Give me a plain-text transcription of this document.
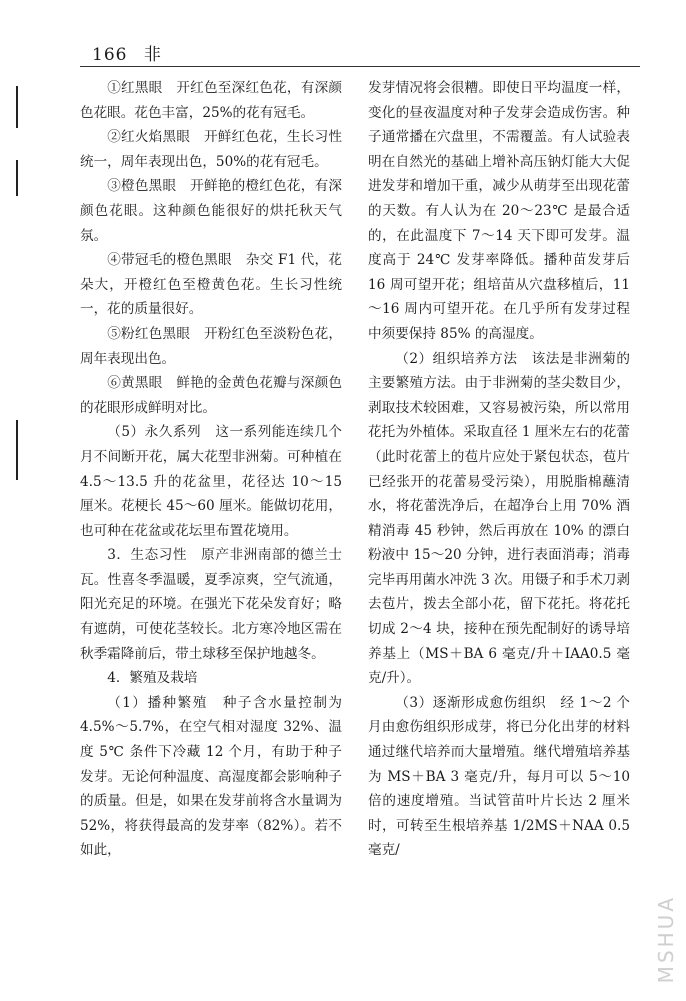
166 非

①红黑眼　开红色至深红色花，有深颜色花眼。花色丰富，25%的花有冠毛。

②红火焰黑眼　开鲜红色花，生长习性统一，周年表现出色，50%的花有冠毛。

③橙色黑眼　开鲜艳的橙红色花，有深颜色花眼。这种颜色能很好的烘托秋天气氛。

④带冠毛的橙色黑眼　杂交 F1 代，花朵大，开橙红色至橙黄色花。生长习性统一，花的质量很好。

⑤粉红色黑眼　开粉红色至淡粉色花，周年表现出色。

⑥黄黑眼　鲜艳的金黄色花瓣与深颜色的花眼形成鲜明对比。

（5）永久系列　这一系列能连续几个月不间断开花，属大花型非洲菊。可种植在 4.5～13.5 升的花盆里，花径达 10～15 厘米。花梗长 45～60 厘米。能做切花用，也可种在花盆或花坛里布置花境用。

3．生态习性　原产非洲南部的德兰士瓦。性喜冬季温暖，夏季凉爽，空气流通，阳光充足的环境。在强光下花朵发育好；略有遮荫，可使花茎较长。北方寒冷地区需在秋季霜降前后，带土球移至保护地越冬。

4．繁殖及栽培

（1）播种繁殖　种子含水量控制为 4.5%～5.7%，在空气相对湿度 32%、温度 5℃ 条件下冷藏 12 个月，有助于种子发芽。无论何种温度、高湿度都会影响种子的质量。但是，如果在发芽前将含水量调为 52%，将获得最高的发芽率（82%）。若不如此，

发芽情况将会很糟。即使日平均温度一样，变化的昼夜温度对种子发芽会造成伤害。种子通常播在穴盘里，不需覆盖。有人试验表明在自然光的基础上增补高压钠灯能大大促进发芽和增加干重，减少从萌芽至出现花蕾的天数。有人认为在 20～23℃ 是最合适的，在此温度下 7～14 天下即可发芽。温度高于 24℃ 发芽率降低。播种苗发芽后 16 周可望开花；组培苗从穴盘移植后，11～16 周内可望开花。在几乎所有发芽过程中须要保持 85% 的高湿度。

（2）组织培养方法　该法是非洲菊的主要繁殖方法。由于非洲菊的茎尖数目少，剥取技术较困难，又容易被污染，所以常用花托为外植体。采取直径 1 厘米左右的花蕾（此时花蕾上的苞片应处于紧包状态，苞片已经张开的花蕾易受污染），用脱脂棉蘸清水，将花蕾洗净后，在超净台上用 70% 酒精消毒 45 秒钟，然后再放在 10% 的漂白粉液中 15～20 分钟，进行表面消毒；消毒完毕再用菌水冲洗 3 次。用镊子和手术刀剥去苞片，拨去全部小花，留下花托。将花托切成 2～4 块，接种在预先配制好的诱导培养基上（MS＋BA 6 毫克/升＋IAA0.5 毫克/升）。

（3）逐渐形成愈伤组织　经 1～2 个月由愈伤组织形成芽，将已分化出芽的材料通过继代培养而大量增殖。继代增殖培养基为 MS＋BA 3 毫克/升，每月可以 5～10 倍的速度增殖。当试管苗叶片长达 2 厘米时，可转至生根培养基 1/2MS＋NAA 0.5 毫克/

MSHUA
